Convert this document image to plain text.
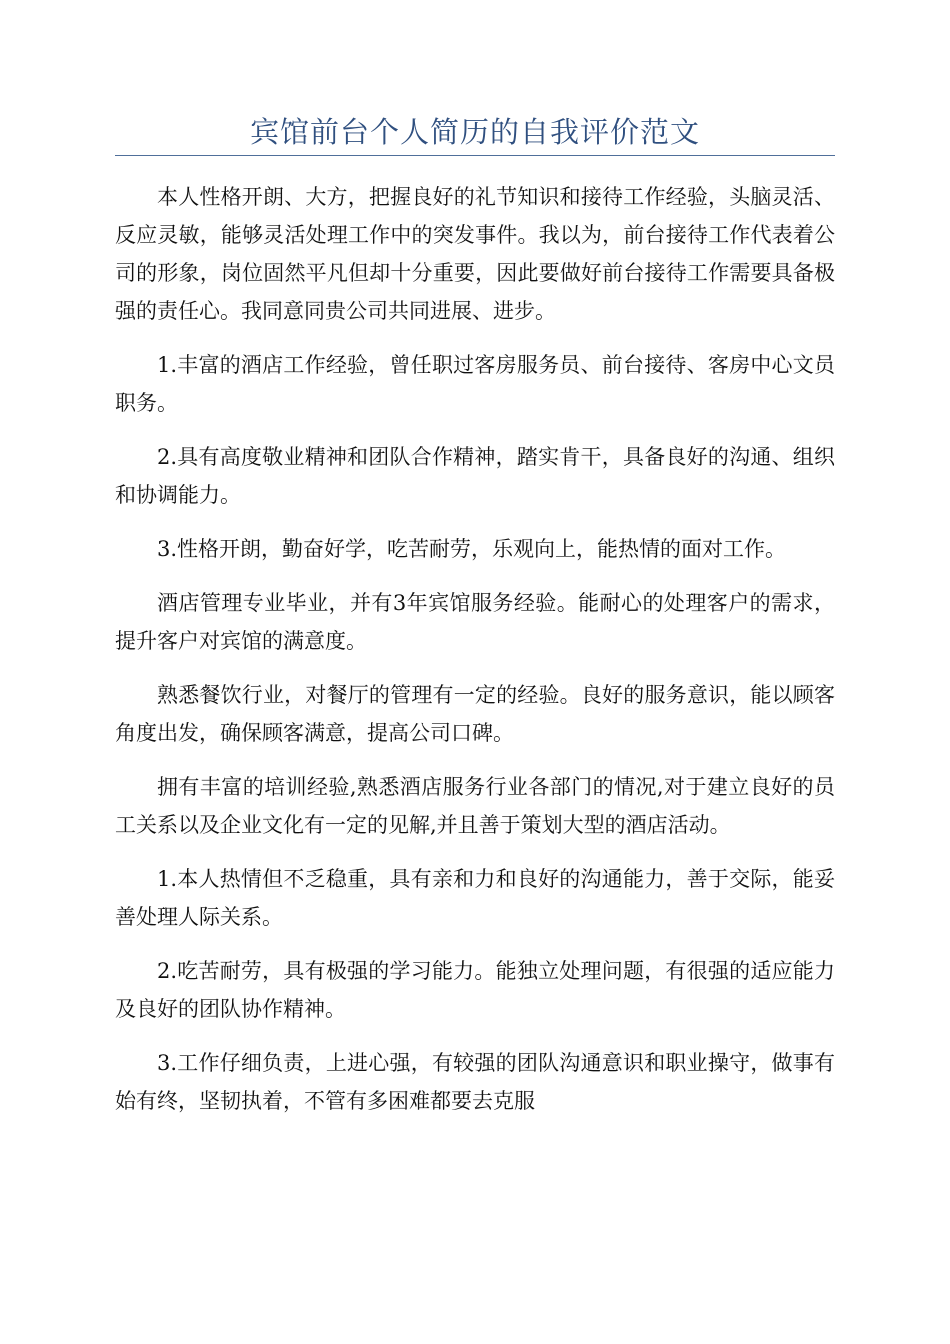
宾馆前台个人简历的自我评价范文

本人性格开朗、大方，把握良好的礼节知识和接待工作经验，头脑灵活、反应灵敏，能够灵活处理工作中的突发事件。我以为，前台接待工作代表着公司的形象，岗位固然平凡但却十分重要，因此要做好前台接待工作需要具备极强的责任心。我同意同贵公司共同进展、进步。

1.丰富的酒店工作经验，曾任职过客房服务员、前台接待、客房中心文员职务。

2.具有高度敬业精神和团队合作精神，踏实肯干，具备良好的沟通、组织和协调能力。

3.性格开朗，勤奋好学，吃苦耐劳，乐观向上，能热情的面对工作。

酒店管理专业毕业，并有3年宾馆服务经验。能耐心的处理客户的需求，提升客户对宾馆的满意度。

熟悉餐饮行业，对餐厅的管理有一定的经验。良好的服务意识，能以顾客角度出发，确保顾客满意，提高公司口碑。

拥有丰富的培训经验,熟悉酒店服务行业各部门的情况,对于建立良好的员工关系以及企业文化有一定的见解,并且善于策划大型的酒店活动。

1.本人热情但不乏稳重，具有亲和力和良好的沟通能力，善于交际，能妥善处理人际关系。

2.吃苦耐劳，具有极强的学习能力。能独立处理问题，有很强的适应能力及良好的团队协作精神。

3.工作仔细负责，上进心强，有较强的团队沟通意识和职业操守，做事有始有终，坚韧执着，不管有多困难都要去克服
